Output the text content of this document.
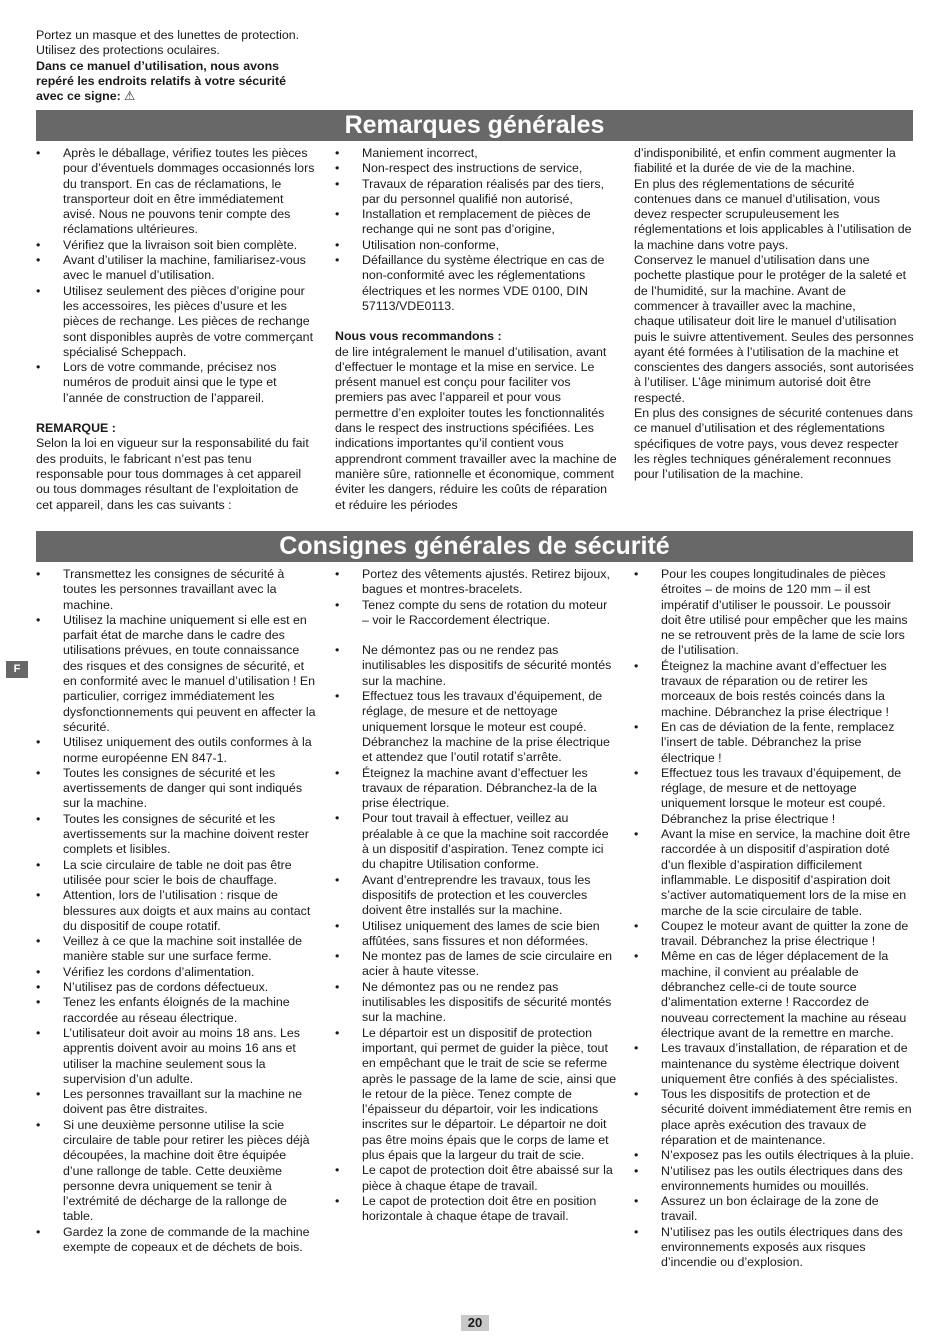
Portez un masque et des lunettes de protection.

Utilisez des protections oculaires.

Dans ce manuel d’utilisation, nous avons

repéré les endroits relatifs à votre sécurité

avec ce signe: ⚠

Remarques générales
• Après le déballage, vérifiez toutes les pièces pour d’éventuels dommages occasionnés lors du transport. En cas de réclamations, le transporteur doit en être immédiatement avisé. Nous ne pouvons tenir compte des réclamations ultérieures.
• Vérifiez que la livraison soit bien complète.
• Avant d’utiliser la machine, familiarisez-vous avec le manuel d’utilisation.
• Utilisez seulement des pièces d’origine pour les accessoires, les pièces d’usure et les pièces de rechange. Les pièces de rechange sont disponibles auprès de votre commerçant spécialisé Scheppach.
• Lors de votre commande, précisez nos numéros de produit ainsi que le type et l’année de construction de l’appareil.

REMARQUE :

Selon la loi en vigueur sur la responsabilité du fait des produits, le fabricant n’est pas tenu responsable pour tous dommages à cet appareil ou tous dommages résultant de l’exploitation de cet appareil, dans les cas suivants :

• Maniement incorrect,
• Non-respect des instructions de service,
• Travaux de réparation réalisés par des tiers, par du personnel qualifié non autorisé,
• Installation et remplacement de pièces de rechange qui ne sont pas d’origine,
• Utilisation non-conforme,
• Défaillance du système électrique en cas de non-conformité avec les réglementations électriques et les normes VDE 0100, DIN 57113/VDE0113.

Nous vous recommandons :

de lire intégralement le manuel d’utilisation, avant d’effectuer le montage et la mise en service. Le présent manuel est conçu pour faciliter vos premiers pas avec l’appareil et pour vous permettre d’en exploiter toutes les fonctionnalités dans le respect des instructions spécifiées. Les indications importantes qu’il contient vous apprendront comment travailler avec la machine de manière sûre, rationnelle et économique, comment éviter les dangers, réduire les coûts de réparation et réduire les périodes

d’indisponibilité, et enfin comment augmenter la fiabilité et la durée de vie de la machine.

En plus des réglementations de sécurité contenues dans ce manuel d’utilisation, vous devez respecter scrupuleusement les réglementations et lois applicables à l’utilisation de la machine dans votre pays.

Conservez le manuel d’utilisation dans une pochette plastique pour le protéger de la saleté et de l’humidité, sur la machine. Avant de commencer à travailler avec la machine,

chaque utilisateur doit lire le manuel d’utilisation puis le suivre attentivement. Seules des personnes ayant été formées à l’utilisation de la machine et

conscientes des dangers associés, sont autorisées à l’utiliser. L’âge minimum autorisé doit être respecté.

En plus des consignes de sécurité contenues dans ce manuel d’utilisation et des réglementations spécifiques de votre pays, vous devez respecter les règles techniques généralement reconnues pour l’utilisation de la machine.

Consignes générales de sécurité
F
• Transmettez les consignes de sécurité à toutes les personnes travaillant avec la machine.
• Utilisez la machine uniquement si elle est en parfait état de marche dans le cadre des utilisations prévues, en toute connaissance des risques et des consignes de sécurité, et en conformité avec le manuel d’utilisation ! En particulier, corrigez immédiatement les dysfonctionnements qui peuvent en affecter la sécurité.
• Utilisez uniquement des outils conformes à la norme européenne EN 847-1.
• Toutes les consignes de sécurité et les avertissements de danger qui sont indiqués sur la machine.
• Toutes les consignes de sécurité et les avertissements sur la machine doivent rester complets et lisibles.
• La scie circulaire de table ne doit pas être utilisée pour scier le bois de chauffage.
• Attention, lors de l’utilisation : risque de blessures aux doigts et aux mains au contact du dispositif de coupe rotatif.
• Veillez à ce que la machine soit installée de manière stable sur une surface ferme.
• Vérifiez les cordons d’alimentation.
• N’utilisez pas de cordons défectueux.
• Tenez les enfants éloignés de la machine raccordée au réseau électrique.
• L’utilisateur doit avoir au moins 18 ans. Les apprentis doivent avoir au moins 16 ans et utiliser la machine seulement sous la supervision d’un adulte.
• Les personnes travaillant sur la machine ne doivent pas être distraites.
• Si une deuxième personne utilise la scie circulaire de table pour retirer les pièces déjà découpées, la machine doit être équipée d’une rallonge de table. Cette deuxième personne devra uniquement se tenir à l’extrémité de décharge de la rallonge de table.
• Gardez la zone de commande de la machine exempte de copeaux et de déchets de bois.
• Portez des vêtements ajustés. Retirez bijoux, bagues et montres-bracelets.
• Tenez compte du sens de rotation du moteur – voir le Raccordement électrique.
• Ne démontez pas ou ne rendez pas inutilisables les dispositifs de sécurité montés sur la machine.
• Effectuez tous les travaux d’équipement, de réglage, de mesure et de nettoyage uniquement lorsque le moteur est coupé. Débranchez la machine de la prise électrique et attendez que l’outil rotatif s’arrête.
• Éteignez la machine avant d’effectuer les travaux de réparation. Débranchez-la de la prise électrique.
• Pour tout travail à effectuer, veillez au préalable à ce que la machine soit raccordée à un dispositif d’aspiration. Tenez compte ici du chapitre Utilisation conforme.
• Avant d’entreprendre les travaux, tous les dispositifs de protection et les couvercles doivent être installés sur la machine.
• Utilisez uniquement des lames de scie bien affûtées, sans fissures et non déformées.
• Ne montez pas de lames de scie circulaire en acier à haute vitesse.
• Ne démontez pas ou ne rendez pas inutilisables les dispositifs de sécurité montés sur la machine.
• Le départoir est un dispositif de protection important, qui permet de guider la pièce, tout en empêchant que le trait de scie se referme après le passage de la lame de scie, ainsi que le retour de la pièce. Tenez compte de l’épaisseur du départoir, voir les indications inscrites sur le départoir. Le départoir ne doit pas être moins épais que le corps de lame et plus épais que la largeur du trait de scie.
• Le capot de protection doit être abaissé sur la pièce à chaque étape de travail.
• Le capot de protection doit être en position horizontale à chaque étape de travail.
• Pour les coupes longitudinales de pièces étroites – de moins de 120 mm – il est impératif d’utiliser le poussoir. Le poussoir doit être utilisé pour empêcher que les mains ne se retrouvent près de la lame de scie lors de l’utilisation.
• Éteignez la machine avant d’effectuer les travaux de réparation ou de retirer les morceaux de bois restés coincés dans la machine. Débranchez la prise électrique !
• En cas de déviation de la fente, remplacez l’insert de table. Débranchez la prise électrique !
• Effectuez tous les travaux d’équipement, de réglage, de mesure et de nettoyage uniquement lorsque le moteur est coupé. Débranchez la prise électrique !
• Avant la mise en service, la machine doit être raccordée à un dispositif d’aspiration doté d’un flexible d’aspiration difficilement inflammable. Le dispositif d’aspiration doit s’activer automatiquement lors de la mise en marche de la scie circulaire de table.
• Coupez le moteur avant de quitter la zone de travail. Débranchez la prise électrique !
• Même en cas de léger déplacement de la machine, il convient au préalable de débranchez celle-ci de toute source d’alimentation externe ! Raccordez de nouveau correctement la machine au réseau électrique avant de la remettre en marche.
• Les travaux d’installation, de réparation et de maintenance du système électrique doivent uniquement être confiés à des spécialistes.
• Tous les dispositifs de protection et de sécurité doivent immédiatement être remis en place après exécution des travaux de réparation et de maintenance.
• N’exposez pas les outils électriques à la pluie.
• N’utilisez pas les outils électriques dans des environnements humides ou mouillés.
• Assurez un bon éclairage de la zone de travail.
• N’utilisez pas les outils électriques dans des environnements exposés aux risques d’incendie ou d’explosion.
20
